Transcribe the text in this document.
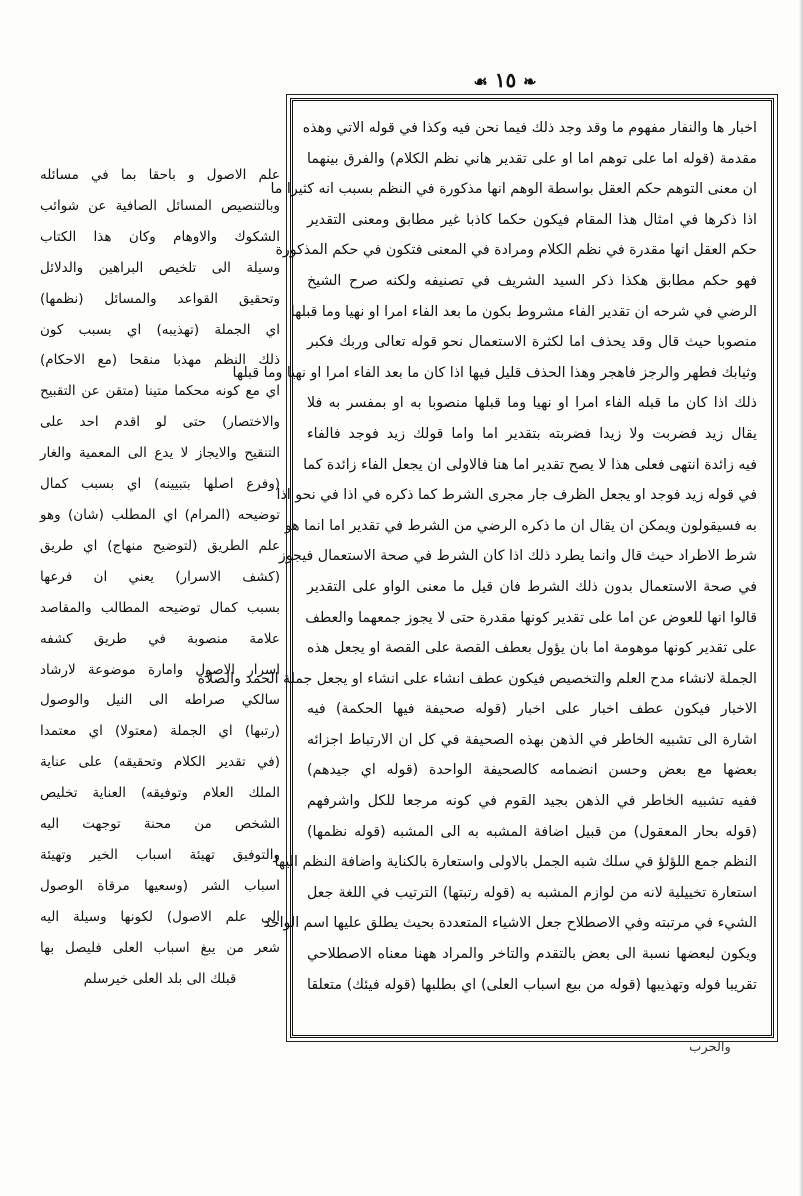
❧ ١٥ ☙
اخبار ها والنفار مفهوم ما وقد وجد ذلك فيما نحن فيه وكذا في قوله الاتي وهذه
مقدمة (قوله اما على توهم اما او على تقدير هاني نظم الكلام) والفرق بينهما
ان معنى التوهم حكم العقل بواسطة الوهم انها مذكورة في النظم بسبب انه كثيرا ما
اذا ذكرها في امثال هذا المقام فيكون حكما كاذبا غير مطابق ومعنى التقدير
حكم العقل انها مقدرة في نظم الكلام ومرادة في المعنى فتكون في حكم المذكورة
فهو حكم مطابق هكذا ذكر السيد الشريف في تصنيفه ولكنه صرح الشيخ
الرضي في شرحه ان تقدير الفاء مشروط بكون ما بعد الفاء امرا او نهيا وما قبلها
منصوبا حيث قال وقد يحذف اما لكثرة الاستعمال نحو قوله تعالى وربك فكبر
وثيابك فطهر والرجز فاهجر وهذا الحذف قليل فيها اذا كان ما بعد الفاء امرا او نهيا وما قبلها
ذلك اذا كان ما قبله الفاء امرا او نهيا وما قبلها منصوبا به او بمفسر به فلا
يقال زيد فضربت ولا زيدا فضربته بتقدير اما واما قولك زيد فوجد فالفاء
فيه زائدة انتهى فعلى هذا لا يصح تقدير اما هنا فالاولى ان يجعل الفاء زائدة كما
في قوله زيد فوجد او يجعل الظرف جار مجرى الشرط كما ذكره في اذا في نحو اذا
به فسيقولون ويمكن ان يقال ان ما ذكره الرضي من الشرط في تقدير اما انما هو
شرط الاطراد حيث قال وانما يطرد ذلك اذا كان الشرط في صحة الاستعمال فيجوز
في صحة الاستعمال بدون ذلك الشرط فان قيل ما معنى الواو على التقدير
قالوا انها للعوض عن اما على تقدير كونها مقدرة حتى لا يجوز جمعهما والعطف
على تقدير كونها موهومة اما بان يؤول بعطف القصة على القصة او يجعل هذه
الجملة لانشاء مدح العلم والتخصيص فيكون عطف انشاء على انشاء او يجعل جملة الحمد والصلاة
الاخبار فيكون عطف اخبار على اخبار (قوله صحيفة فيها الحكمة) فيه
اشارة الى تشبيه الخاطر في الذهن بهذه الصحيفة في كل ان الارتباط اجزائه
بعضها مع بعض وحسن انضمامه كالصحيفة الواحدة (قوله اي جيدهم)
ففيه تشبيه الخاطر في الذهن بجيد القوم في كونه مرجعا للكل واشرفهم
(قوله بحار المعقول) من قبيل اضافة المشبه به الى المشبه (قوله نظمها)
النظم جمع اللؤلؤ في سلك شبه الجمل بالاولى واستعارة بالكناية واضافة النظم اليها
استعارة تخييلية لانه من لوازم المشبه به (قوله رتبتها) الترتيب في اللغة جعل
الشيء في مرتبته وفي الاصطلاح جعل الاشياء المتعددة بحيث يطلق عليها اسم الواحد
ويكون لبعضها نسبة الى بعض بالتقدم والتاخر والمراد ههنا معناه الاصطلاحي
تقريبا فوله وتهذيبها (قوله من بيع اسباب العلى) اي بطلبها (قوله فيئك) متعلقا
علم الاصول و باحقا بما في مسائله
وبالتنصيص المسائل الصافية عن شوائب
الشكوك والاوهام وكان هذا الكتاب
وسيلة الى تلخيص البراهين والدلائل
وتحقيق القواعد والمسائل (نظمها)
اي الجملة (تهذيبه) اي بسبب كون
ذلك النظم مهذبا منقحا (مع الاحكام)
اي مع كونه محكما متينا (متقن عن التقبيح
والاختصار) حتى لو اقدم احد على
التنقيح والايجاز لا يدع الى المعمية والغار
(وفرع اصلها بتبيينه) اي بسبب كمال
توضيحه (المرام) اي المطلب (شان) وهو
علم الطريق (لتوضيح منهاج) اي طريق
(كشف الاسرار) يعني ان فرعها
بسبب كمال توضيحه المطالب والمقاصد
علامة منصوبة في طريق كشفه
اسرار الاصول وامارة موضوعة لارشاد
سالكي صراطه الى النيل والوصول
(رتبها) اي الجملة (معتولا) اي معتمدا
(في تقدير الكلام وتحقيقه) على عناية
الملك العلام وتوفيقه) العناية تخليص
الشخص من محنة توجهت اليه
والتوفيق تهيئة اسباب الخير وتهيئة
اسباب الشر (وسعيها مرقاة الوصول
الى علم الاصول) لكونها وسيلة اليه
شعر من يبغ اسباب العلى فليصل بها
قبلك الى بلد العلى خيرسلم
والحرب
